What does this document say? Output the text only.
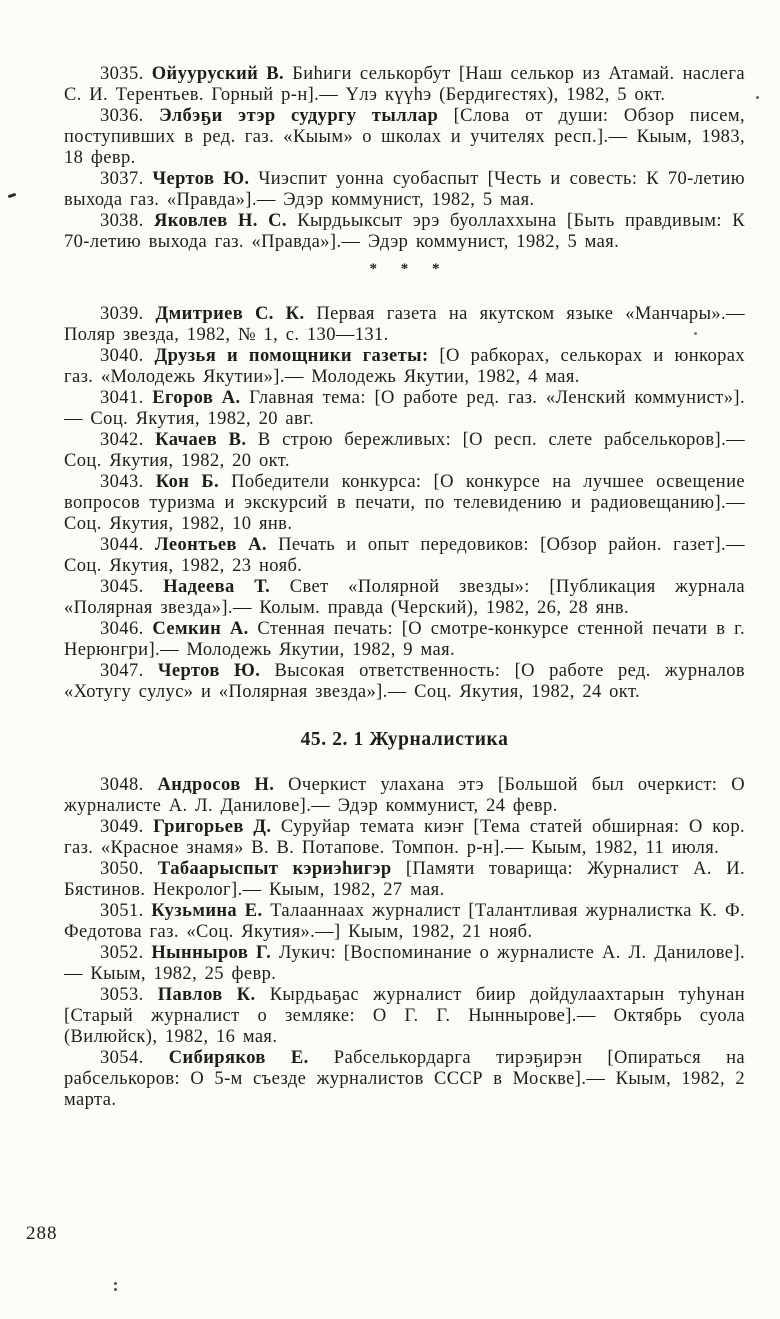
3035. Ойууруский В. Биһиги селькорбут [Наш селькор из Атамай. наслега С. И. Терентьев. Горный р-н].— Үлэ күүһэ (Бердигестях), 1982, 5 окт.

3036. Элбэҕи этэр судургу тыллар [Слова от души: Обзор писем, поступивших в ред. газ. «Кыым» о школах и учителях респ.].— Кыым, 1983, 18 февр.

3037. Чертов Ю. Чиэспит уонна суобаспыт [Честь и совесть: К 70-летию выхода газ. «Правда»].— Эдэр коммунист, 1982, 5 мая.

3038. Яковлев Н. С. Кырдьыксыт эрэ буоллаххына [Быть правдивым: К 70-летию выхода газ. «Правда»].— Эдэр коммунист, 1982, 5 мая.

* * *

3039. Дмитриев С. К. Первая газета на якутском языке «Манчары».— Поляр звезда, 1982, № 1, с. 130—131.

3040. Друзья и помощники газеты: [О рабкорах, селькорах и юнкорах газ. «Молодежь Якутии»].— Молодежь Якутии, 1982, 4 мая.

3041. Егоров А. Главная тема: [О работе ред. газ. «Ленский коммунист»].— Соц. Якутия, 1982, 20 авг.

3042. Качаев В. В строю бережливых: [О респ. слете рабселькоров].— Соц. Якутия, 1982, 20 окт.

3043. Кон Б. Победители конкурса: [О конкурсе на лучшее освещение вопросов туризма и экскурсий в печати, по телевидению и радиовещанию].— Соц. Якутия, 1982, 10 янв.

3044. Леонтьев А. Печать и опыт передовиков: [Обзор район. газет].— Соц. Якутия, 1982, 23 нояб.

3045. Надеева Т. Свет «Полярной звезды»: [Публикация журнала «Полярная звезда»].— Колым. правда (Черский), 1982, 26, 28 янв.

3046. Семкин А. Стенная печать: [О смотре-конкурсе стенной печати в г. Нерюнгри].— Молодежь Якутии, 1982, 9 мая.

3047. Чертов Ю. Высокая ответственность: [О работе ред. журналов «Хотугу сулус» и «Полярная звезда»].— Соц. Якутия, 1982, 24 окт.

45. 2. 1 Журналистика

3048. Андросов Н. Очеркист улахана этэ [Большой был очеркист: О журналисте А. Л. Данилове].— Эдэр коммунист, 24 февр.

3049. Григорьев Д. Суруйар темата киэҥ [Тема статей обширная: О кор. газ. «Красное знамя» В. В. Потапове. Томпон. р-н].— Кыым, 1982, 11 июля.

3050. Табаарыспыт кэриэһигэр [Памяти товарища: Журналист А. И. Бястинов. Некролог].— Кыым, 1982, 27 мая.

3051. Кузьмина Е. Талааннаах журналист [Талантливая журналистка К. Ф. Федотова газ. «Соц. Якутия».—] Кыым, 1982, 21 нояб.

3052. Нынныров Г. Лукич: [Воспоминание о журналисте А. Л. Данилове].— Кыым, 1982, 25 февр.

3053. Павлов К. Кырдьаҕас журналист биир дойдулаахтарын туһунан [Старый журналист о земляке: О Г. Г. Ныннырове].— Октябрь суола (Вилюйск), 1982, 16 мая.

3054. Сибиряков Е. Рабселькордарга тирэҕирэн [Опираться на рабселькоров: О 5-м съезде журналистов СССР в Москве].— Кыым, 1982, 2 марта.

288
